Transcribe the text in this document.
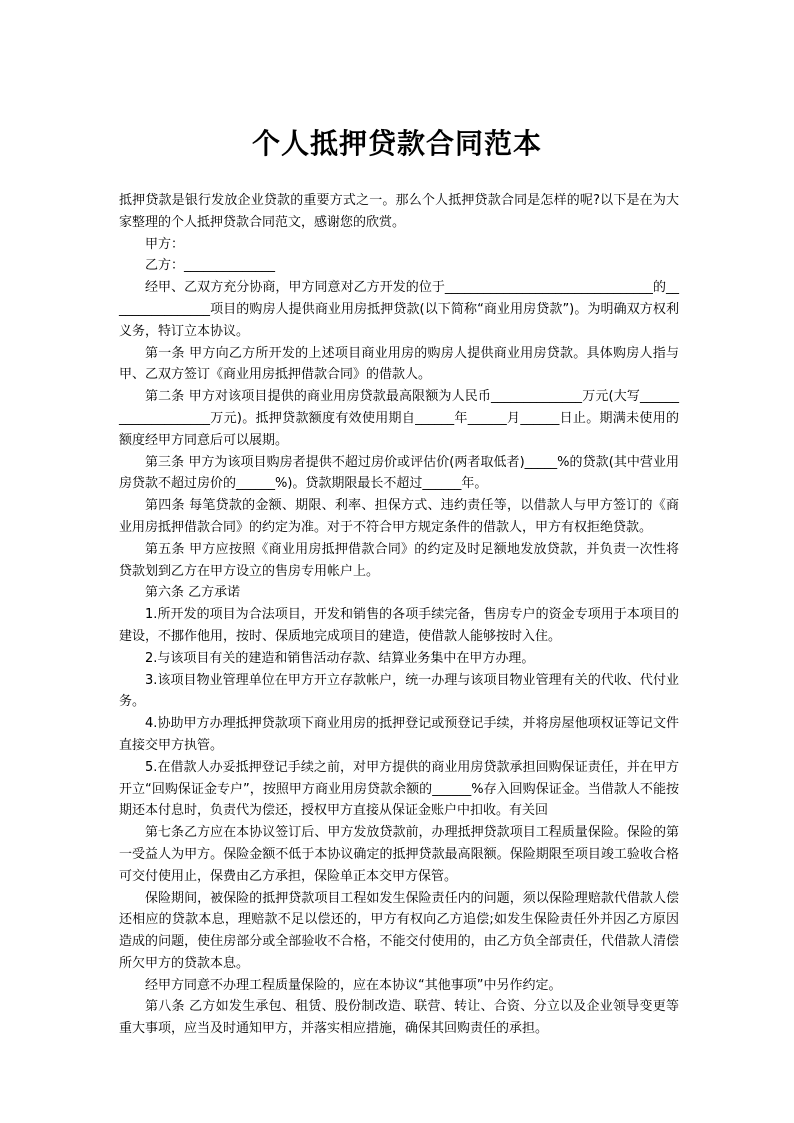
个人抵押贷款合同范本

抵押贷款是银行发放企业贷款的重要方式之一。那么个人抵押贷款合同是怎样的呢?以下是在为大家整理的个人抵押贷款合同范文，感谢您的欣赏。

甲方：

乙方：______________

经甲、乙双方充分协商，甲方同意对乙方开发的位于________________________________的________________项目的购房人提供商业用房抵押贷款(以下简称“商业用房贷款”)。为明确双方权利义务，特订立本协议。

第一条 甲方向乙方所开发的上述项目商业用房的购房人提供商业用房贷款。具体购房人指与甲、乙双方签订《商业用房抵押借款合同》的借款人。

第二条 甲方对该项目提供的商业用房贷款最高限额为人民币______________万元(大写____________________万元)。抵押贷款额度有效使用期自______年______月______日止。期满未使用的额度经甲方同意后可以展期。

第三条 甲方为该项目购房者提供不超过房价或评估价(两者取低者)_____%的贷款(其中营业用房贷款不超过房价的______%)。贷款期限最长不超过______年。

第四条 每笔贷款的金额、期限、利率、担保方式、违约责任等，以借款人与甲方签订的《商业用房抵押借款合同》的约定为准。对于不符合甲方规定条件的借款人，甲方有权拒绝贷款。

第五条 甲方应按照《商业用房抵押借款合同》的约定及时足额地发放贷款，并负责一次性将贷款划到乙方在甲方设立的售房专用帐户上。

第六条 乙方承诺

1.所开发的项目为合法项目，开发和销售的各项手续完备，售房专户的资金专项用于本项目的建设，不挪作他用，按时、保质地完成项目的建造，使借款人能够按时入住。

2.与该项目有关的建造和销售活动存款、结算业务集中在甲方办理。

3.该项目物业管理单位在甲方开立存款帐户，统一办理与该项目物业管理有关的代收、代付业务。

4.协助甲方办理抵押贷款项下商业用房的抵押登记或预登记手续，并将房屋他项权证等记文件直接交甲方执管。

5.在借款人办妥抵押登记手续之前，对甲方提供的商业用房贷款承担回购保证责任，并在甲方开立“回购保证金专户”，按照甲方商业用房贷款余额的______%存入回购保证金。当借款人不能按期还本付息时，负责代为偿还，授权甲方直接从保证金账户中扣收。有关回

第七条乙方应在本协议签订后、甲方发放贷款前，办理抵押贷款项目工程质量保险。保险的第一受益人为甲方。保险金额不低于本协议确定的抵押贷款最高限额。保险期限至项目竣工验收合格可交付使用止，保费由乙方承担，保险单正本交甲方保管。

保险期间，被保险的抵押贷款项目工程如发生保险责任内的问题，须以保险理赔款代借款人偿还相应的贷款本息，理赔款不足以偿还的，甲方有权向乙方追偿;如发生保险责任外并因乙方原因造成的问题，使住房部分或全部验收不合格，不能交付使用的，由乙方负全部责任，代借款人清偿所欠甲方的贷款本息。

经甲方同意不办理工程质量保险的，应在本协议“其他事项”中另作约定。

第八条 乙方如发生承包、租赁、股份制改造、联营、转让、合资、分立以及企业领导变更等重大事项，应当及时通知甲方，并落实相应措施，确保其回购责任的承担。
